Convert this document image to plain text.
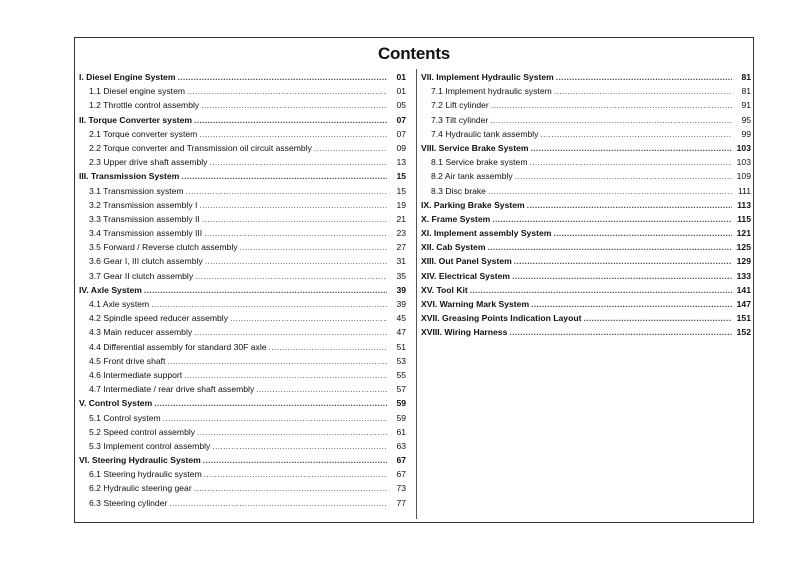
Contents
I. Diesel Engine System .....	01
1.1 Diesel engine system .....	01
1.2 Throttle control assembly .....	05
II. Torque Converter system .....	07
2.1 Torque converter system .....	07
2.2 Torque converter and Transmission oil circuit assembly .....	09
2.3 Upper drive shaft assembly .....	13
III. Transmission System .....	15
3.1 Transmission system .....	15
3.2 Transmission assembly I .....	19
3.3 Transmission assembly II .....	21
3.4 Transmission assembly III .....	23
3.5 Forward / Reverse clutch assembly .....	27
3.6 Gear I, III clutch assembly .....	31
3.7 Gear II clutch assembly .....	35
IV. Axle System .....	39
4.1 Axle system .....	39
4.2 Spindle speed reducer assembly .....	45
4.3 Main reducer assembly .....	47
4.4 Differential assembly for standard 30F axle .....	51
4.5 Front drive shaft .....	53
4.6 Intermediate support .....	55
4.7 Intermediate / rear drive shaft assembly .....	57
V. Control System .....	59
5.1 Control system .....	59
5.2 Speed control assembly .....	61
5.3 Implement control assembly .....	63
VI. Steering Hydraulic System .....	67
6.1 Steering hydraulic system .....	67
6.2 Hydraulic steering gear .....	73
6.3 Steering cylinder .....	77
VII. Implement Hydraulic System .....	81
7.1 Implement hydraulic system .....	81
7.2 Lift cylinder .....	91
7.3 Tilt cylinder .....	95
7.4 Hydraulic tank assembly .....	99
VIII. Service Brake System .....	103
8.1 Service brake system .....	103
8.2 Air tank assembly .....	109
8.3 Disc brake .....	111
IX. Parking Brake System .....	113
X. Frame System .....	115
XI. Implement assembly System .....	121
XII. Cab System .....	125
XIII. Out Panel System .....	129
XIV. Electrical System .....	133
XV. Tool Kit .....	141
XVI. Warning Mark System .....	147
XVII. Greasing Points Indication Layout .....	151
XVIII. Wiring Harness .....	152
